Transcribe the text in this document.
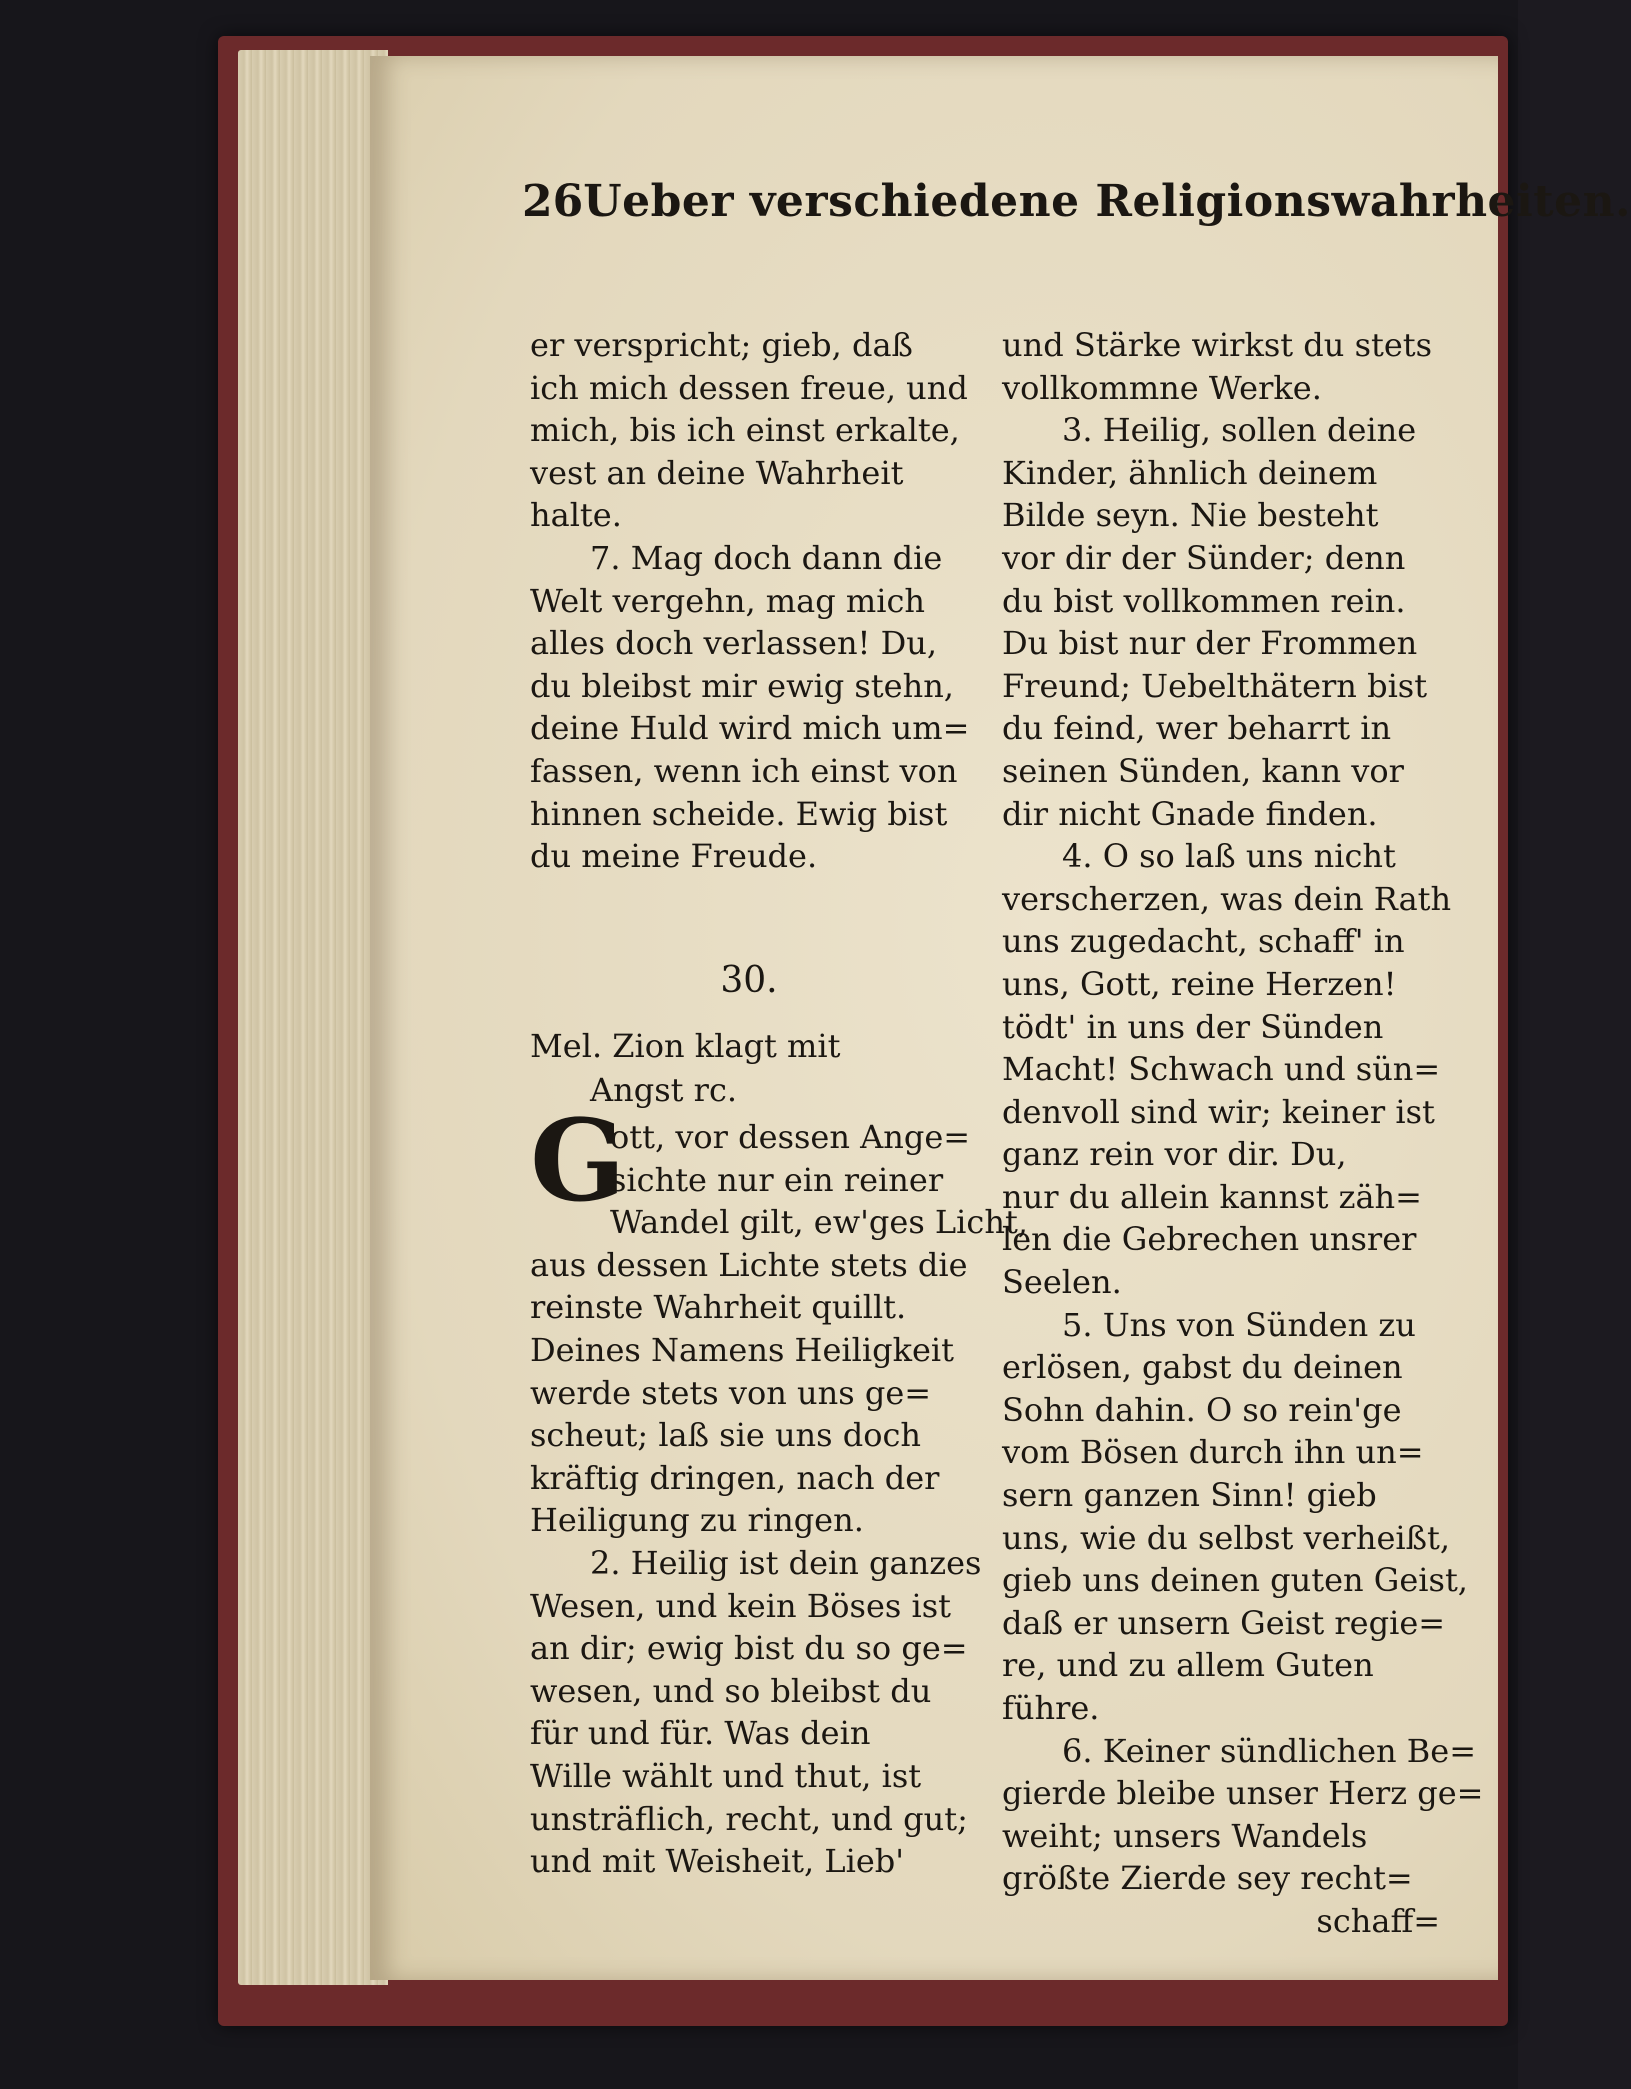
26 Ueber verschiedene Religionswahrheiten.

er verspricht; gieb, daß

ich mich dessen freue, und

mich, bis ich einst erkalte,

vest an deine Wahrheit

halte.

7. Mag doch dann die

Welt vergehn, mag mich

alles doch verlassen! Du,

du bleibst mir ewig stehn,

deine Huld wird mich um=

fassen, wenn ich einst von

hinnen scheide. Ewig bist

du meine Freude.

30.

Mel. Zion klagt mit

Angst rc.

G

ott, vor dessen Ange=

sichte nur ein reiner

Wandel gilt, ew'ges Licht,

aus dessen Lichte stets die

reinste Wahrheit quillt.

Deines Namens Heiligkeit

werde stets von uns ge=

scheut; laß sie uns doch

kräftig dringen, nach der

Heiligung zu ringen.

2. Heilig ist dein ganzes

Wesen, und kein Böses ist

an dir; ewig bist du so ge=

wesen, und so bleibst du

für und für. Was dein

Wille wählt und thut, ist

unsträflich, recht, und gut;

und mit Weisheit, Lieb'

und Stärke wirkst du stets

vollkommne Werke.

3. Heilig, sollen deine

Kinder, ähnlich deinem

Bilde seyn. Nie besteht

vor dir der Sünder; denn

du bist vollkommen rein.

Du bist nur der Frommen

Freund; Uebelthätern bist

du feind, wer beharrt in

seinen Sünden, kann vor

dir nicht Gnade finden.

4. O so laß uns nicht

verscherzen, was dein Rath

uns zugedacht, schaff' in

uns, Gott, reine Herzen!

tödt' in uns der Sünden

Macht! Schwach und sün=

denvoll sind wir; keiner ist

ganz rein vor dir. Du,

nur du allein kannst zäh=

len die Gebrechen unsrer

Seelen.

5. Uns von Sünden zu

erlösen, gabst du deinen

Sohn dahin. O so rein'ge

vom Bösen durch ihn un=

sern ganzen Sinn! gieb

uns, wie du selbst verheißt,

gieb uns deinen guten Geist,

daß er unsern Geist regie=

re, und zu allem Guten

führe.

6. Keiner sündlichen Be=

gierde bleibe unser Herz ge=

weiht; unsers Wandels

größte Zierde sey recht=

schaff=
